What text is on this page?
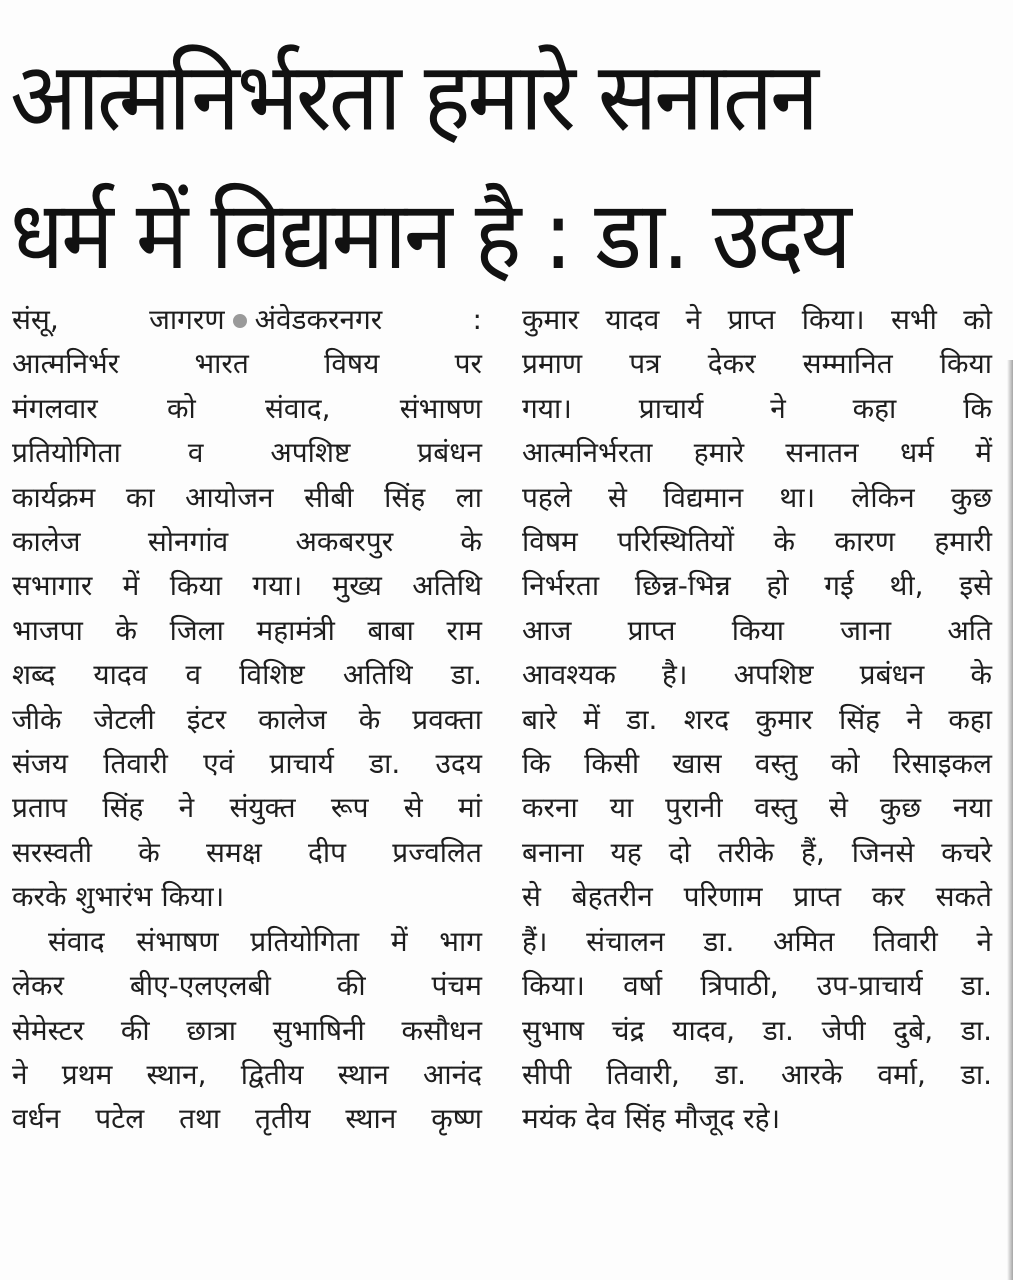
आत्मनिर्भरता हमारे सनातन
धर्म में विद्यमान है : डा. उदय

संसू, जागरण अंवेडकरनगर :
आत्मनिर्भर भारत विषय पर
मंगलवार को संवाद, संभाषण
प्रतियोगिता व अपशिष्ट प्रबंधन
कार्यक्रम का आयोजन सीबी सिंह ला
कालेज सोनगांव अकबरपुर के
सभागार में किया गया। मुख्य अतिथि
भाजपा के जिला महामंत्री बाबा राम
शब्द यादव व विशिष्ट अतिथि डा.
जीके जेटली इंटर कालेज के प्रवक्ता
संजय तिवारी एवं प्राचार्य डा. उदय
प्रताप सिंह ने संयुक्त रूप से मां
सरस्वती के समक्ष दीप प्रज्वलित
करके शुभारंभ किया।

संवाद संभाषण प्रतियोगिता में भाग
लेकर बीए-एलएलबी की पंचम
सेमेस्टर की छात्रा सुभाषिनी कसौधन
ने प्रथम स्थान, द्वितीय स्थान आनंद
वर्धन पटेल तथा तृतीय स्थान कृष्ण

कुमार यादव ने प्राप्त किया। सभी को
प्रमाण पत्र देकर सम्मानित किया
गया। प्राचार्य ने कहा कि
आत्मनिर्भरता हमारे सनातन धर्म में
पहले से विद्यमान था। लेकिन कुछ
विषम परिस्थितियों के कारण हमारी
निर्भरता छिन्न-भिन्न हो गई थी, इसे
आज प्राप्त किया जाना अति
आवश्यक है। अपशिष्ट प्रबंधन के
बारे में डा. शरद कुमार सिंह ने कहा
कि किसी खास वस्तु को रिसाइकल
करना या पुरानी वस्तु से कुछ नया
बनाना यह दो तरीके हैं, जिनसे कचरे
से बेहतरीन परिणाम प्राप्त कर सकते
हैं। संचालन डा. अमित तिवारी ने
किया। वर्षा त्रिपाठी, उप-प्राचार्य डा.
सुभाष चंद्र यादव, डा. जेपी दुबे, डा.
सीपी तिवारी, डा. आरके वर्मा, डा.
मयंक देव सिंह मौजूद रहे।
